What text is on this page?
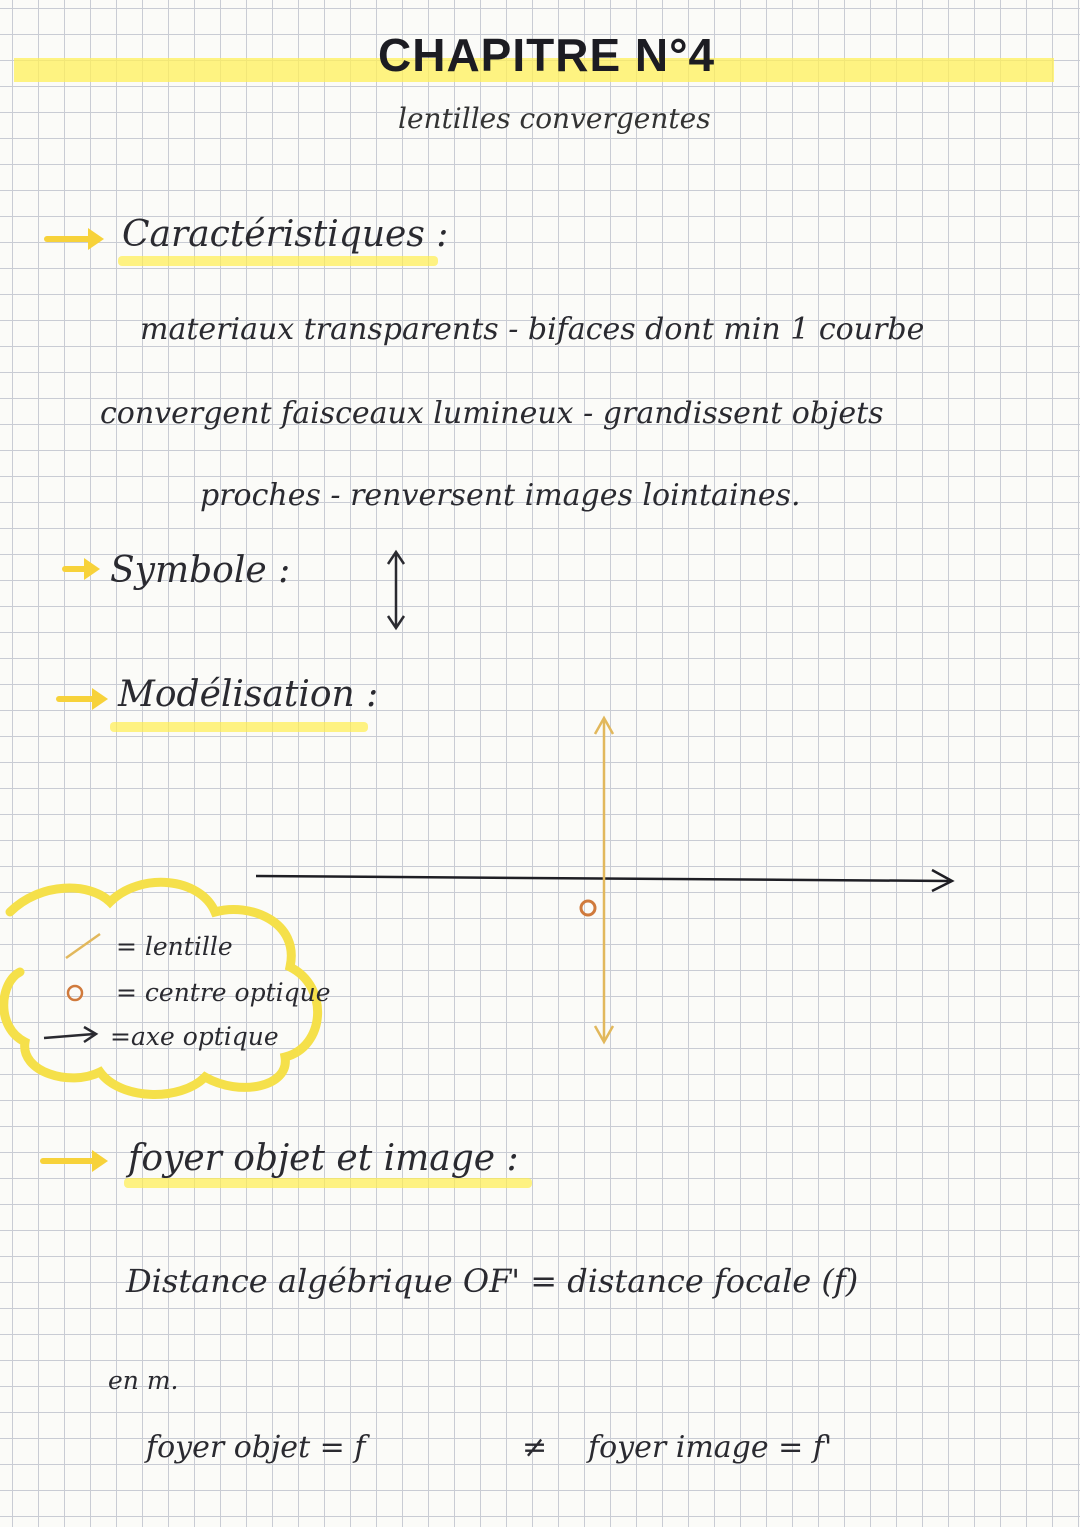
CHAPITRE N°4
lentilles convergentes
Caractéristiques :
materiaux transparents - bifaces dont min 1 courbe
convergent faisceaux lumineux - grandissent objets
proches - renversent images lointaines.
Symbole :
Modélisation :
= lentille
= centre optique
=axe optique
foyer objet et image :
Distance algébrique OF' = distance focale (f)
en m.
foyer objet = f	≠ foyer image = f'
